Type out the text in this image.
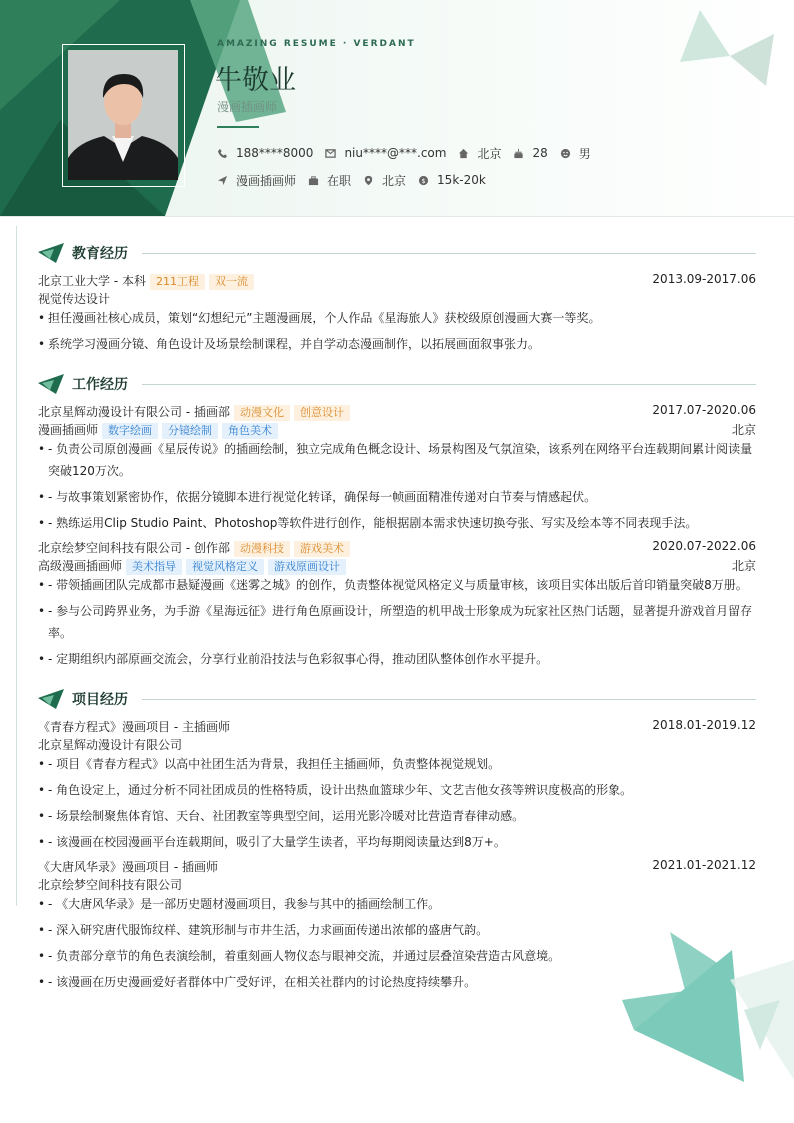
AMAZING RESUME · VERDANT
牛敬业
漫画插画师
188****8000	niu****@***.com	北京	28	男
漫画插画师	在职	北京 $ 15k-20k
教育经历
北京工业大学 - 本科 211工程 双一流	2013.09-2017.06
视觉传达设计
• 担任漫画社核心成员，策划“幻想纪元”主题漫画展，个人作品《星海旅人》获校级原创漫画大赛一等奖。
• 系统学习漫画分镜、角色设计及场景绘制课程，并自学动态漫画制作，以拓展画面叙事张力。
工作经历
北京星辉动漫设计有限公司 - 插画部 动漫文化 创意设计	2017.07-2020.06
漫画插画师 数字绘画 分镜绘制 角色美术	北京
• - 负责公司原创漫画《星辰传说》的插画绘制，独立完成角色概念设计、场景构图及气氛渲染，该系列在网络平台连载期间累计阅读量
突破120万次。
• - 与故事策划紧密协作，依据分镜脚本进行视觉化转译，确保每一帧画面精准传递对白节奏与情感起伏。
• - 熟练运用Clip Studio Paint、Photoshop等软件进行创作，能根据剧本需求快速切换夸张、写实及绘本等不同表现手法。
北京绘梦空间科技有限公司 - 创作部 动漫科技 游戏美术	2020.07-2022.06
高级漫画插画师 美术指导 视觉风格定义 游戏原画设计	北京
• - 带领插画团队完成都市悬疑漫画《迷雾之城》的创作，负责整体视觉风格定义与质量审核，该项目实体出版后首印销量突破8万册。
• - 参与公司跨界业务，为手游《星海远征》进行角色原画设计，所塑造的机甲战士形象成为玩家社区热门话题，显著提升游戏首月留存
率。
• - 定期组织内部原画交流会，分享行业前沿技法与色彩叙事心得，推动团队整体创作水平提升。
项目经历
《青春方程式》漫画项目 - 主插画师	2018.01-2019.12
北京星辉动漫设计有限公司
• - 项目《青春方程式》以高中社团生活为背景，我担任主插画师，负责整体视觉规划。
• - 角色设定上，通过分析不同社团成员的性格特质，设计出热血篮球少年、文艺吉他女孩等辨识度极高的形象。
• - 场景绘制聚焦体育馆、天台、社团教室等典型空间，运用光影冷暖对比营造青春律动感。
• - 该漫画在校园漫画平台连载期间，吸引了大量学生读者，平均每期阅读量达到8万+。
《大唐风华录》漫画项目 - 插画师	2021.01-2021.12
北京绘梦空间科技有限公司
• - 《大唐风华录》是一部历史题材漫画项目，我参与其中的插画绘制工作。
• - 深入研究唐代服饰纹样、建筑形制与市井生活，力求画面传递出浓郁的盛唐气韵。
• - 负责部分章节的角色表演绘制，着重刻画人物仪态与眼神交流，并通过层叠渲染营造古风意境。
• - 该漫画在历史漫画爱好者群体中广受好评，在相关社群内的讨论热度持续攀升。
